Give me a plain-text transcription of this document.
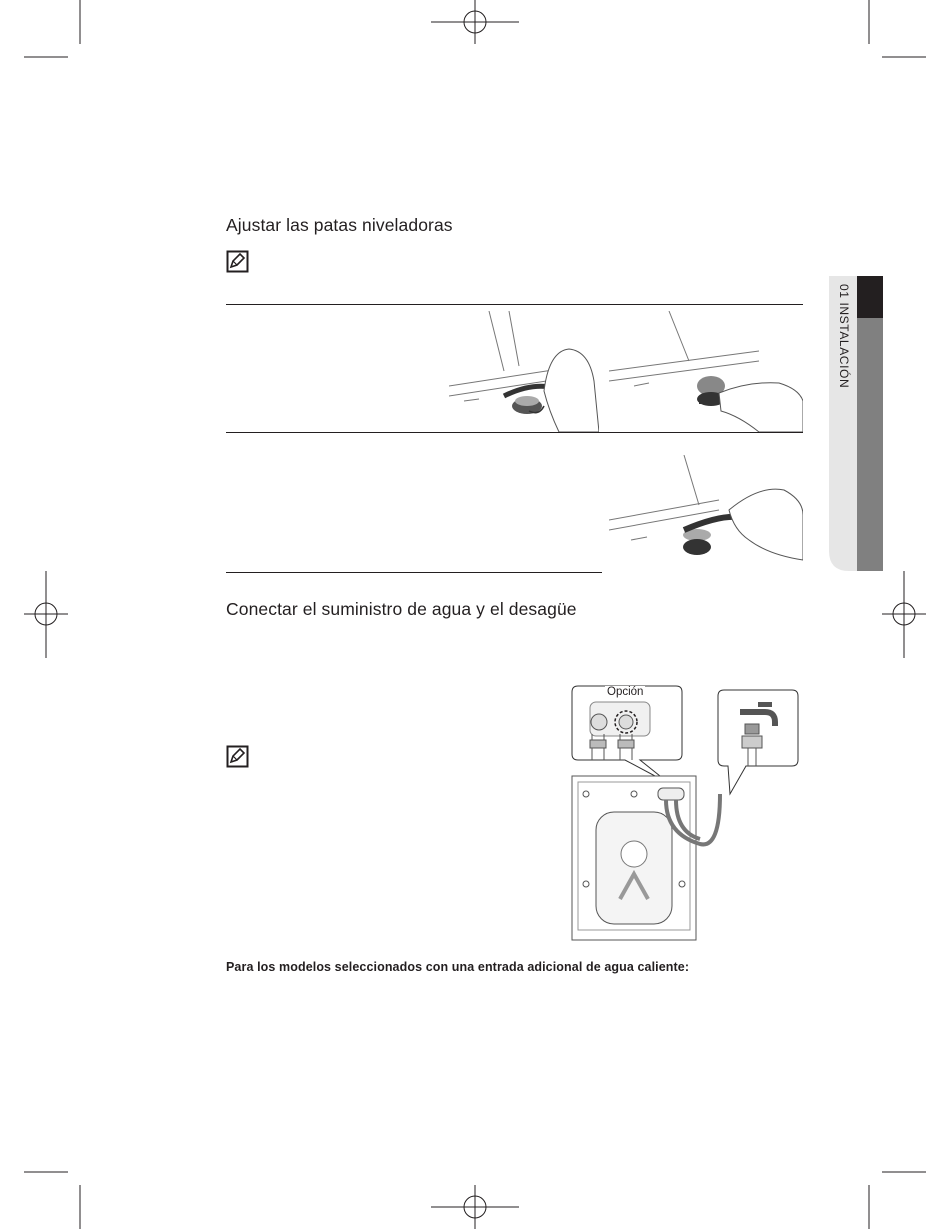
01 INSTALACIÓN
Ajustar las patas niveladoras
Conectar el suministro de agua y el desagüe
Opción
Para los modelos seleccionados con una entrada adicional de agua caliente:
